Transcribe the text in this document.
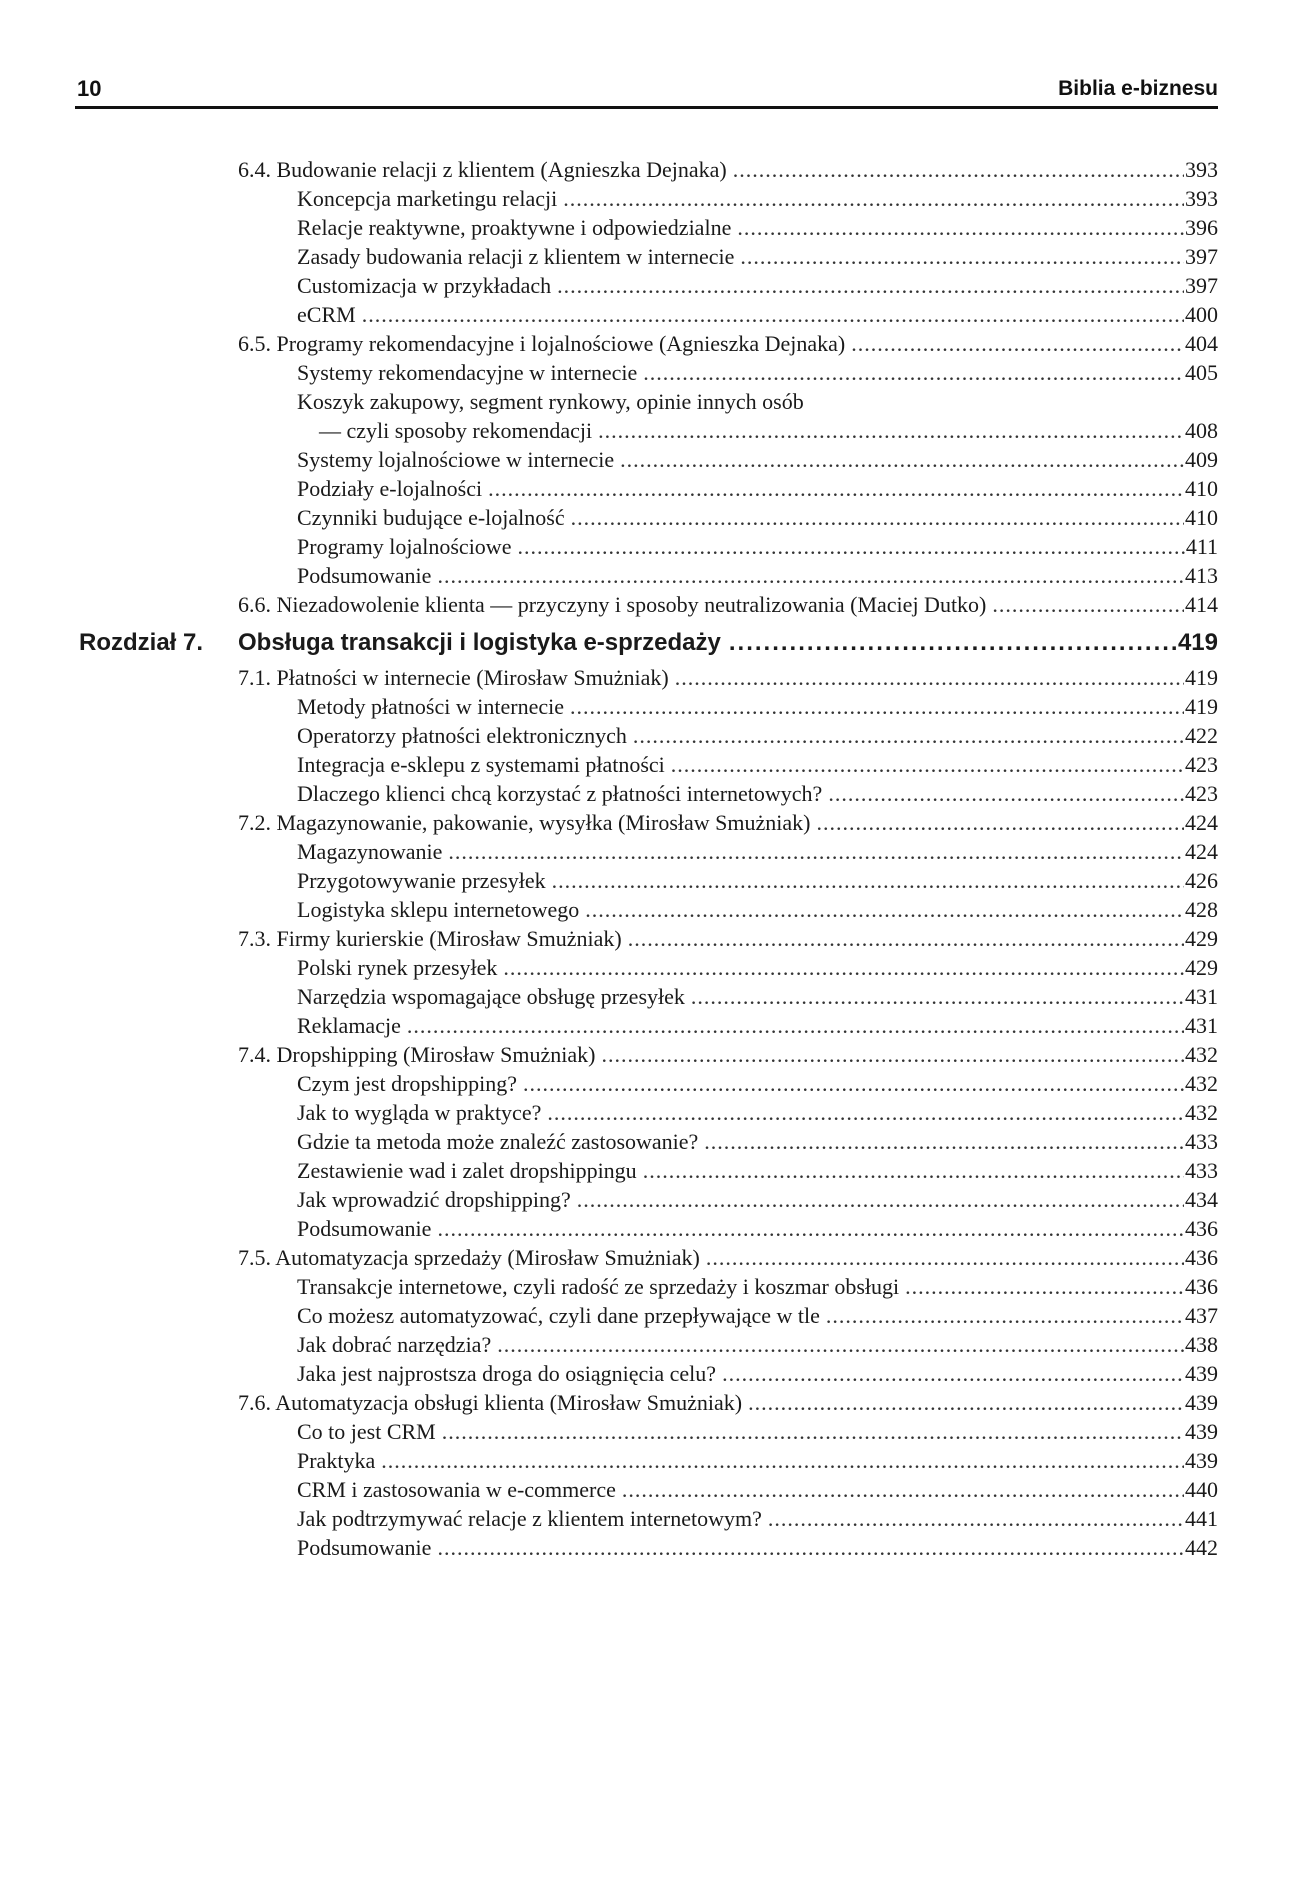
10	Biblia e-biznesu
6.4. Budowanie relacji z klientem (Agnieszka Dejnaka) .....	393
Koncepcja marketingu relacji .....	393
Relacje reaktywne, proaktywne i odpowiedzialne .....	396
Zasady budowania relacji z klientem w internecie .....	397
Customizacja w przykładach .....	397
eCRM .....	400
6.5. Programy rekomendacyjne i lojalnościowe (Agnieszka Dejnaka) .....	404
Systemy rekomendacyjne w internecie .....	405
Koszyk zakupowy, segment rynkowy, opinie innych osób
— czyli sposoby rekomendacji .....	408
Systemy lojalnościowe w internecie .....	409
Podziały e-lojalności .....	410
Czynniki budujące e-lojalność .....	410
Programy lojalnościowe .....	411
Podsumowanie .....	413
6.6. Niezadowolenie klienta — przyczyny i sposoby neutralizowania (Maciej Dutko) .....	414
Rozdział 7. Obsługa transakcji i logistyka e-sprzedaży .....	419
7.1. Płatności w internecie (Mirosław Smużniak) .....	419
Metody płatności w internecie .....	419
Operatorzy płatności elektronicznych .....	422
Integracja e-sklepu z systemami płatności .....	423
Dlaczego klienci chcą korzystać z płatności internetowych? .....	423
7.2. Magazynowanie, pakowanie, wysyłka (Mirosław Smużniak) .....	424
Magazynowanie .....	424
Przygotowywanie przesyłek .....	426
Logistyka sklepu internetowego .....	428
7.3. Firmy kurierskie (Mirosław Smużniak) .....	429
Polski rynek przesyłek .....	429
Narzędzia wspomagające obsługę przesyłek .....	431
Reklamacje .....	431
7.4. Dropshipping (Mirosław Smużniak) .....	432
Czym jest dropshipping? .....	432
Jak to wygląda w praktyce? .....	432
Gdzie ta metoda może znaleźć zastosowanie? .....	433
Zestawienie wad i zalet dropshippingu .....	433
Jak wprowadzić dropshipping? .....	434
Podsumowanie .....	436
7.5. Automatyzacja sprzedaży (Mirosław Smużniak) .....	436
Transakcje internetowe, czyli radość ze sprzedaży i koszmar obsługi .....	436
Co możesz automatyzować, czyli dane przepływające w tle .....	437
Jak dobrać narzędzia? .....	438
Jaka jest najprostsza droga do osiągnięcia celu? .....	439
7.6. Automatyzacja obsługi klienta (Mirosław Smużniak) .....	439
Co to jest CRM .....	439
Praktyka .....	439
CRM i zastosowania w e-commerce .....	440
Jak podtrzymywać relacje z klientem internetowym? .....	441
Podsumowanie .....	442
